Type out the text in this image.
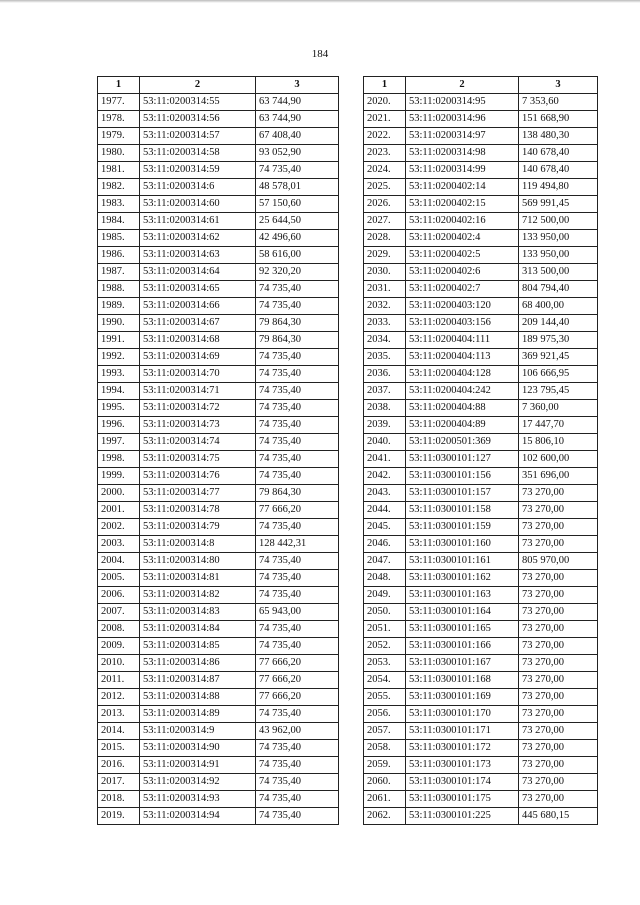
184
1	2	3
1977.	53:11:0200314:55	63 744,90
1978.	53:11:0200314:56	63 744,90
1979.	53:11:0200314:57	67 408,40
1980.	53:11:0200314:58	93 052,90
1981.	53:11:0200314:59	74 735,40
1982.	53:11:0200314:6	48 578,01
1983.	53:11:0200314:60	57 150,60
1984.	53:11:0200314:61	25 644,50
1985.	53:11:0200314:62	42 496,60
1986.	53:11:0200314:63	58 616,00
1987.	53:11:0200314:64	92 320,20
1988.	53:11:0200314:65	74 735,40
1989.	53:11:0200314:66	74 735,40
1990.	53:11:0200314:67	79 864,30
1991.	53:11:0200314:68	79 864,30
1992.	53:11:0200314:69	74 735,40
1993.	53:11:0200314:70	74 735,40
1994.	53:11:0200314:71	74 735,40
1995.	53:11:0200314:72	74 735,40
1996.	53:11:0200314:73	74 735,40
1997.	53:11:0200314:74	74 735,40
1998.	53:11:0200314:75	74 735,40
1999.	53:11:0200314:76	74 735,40
2000.	53:11:0200314:77	79 864,30
2001.	53:11:0200314:78	77 666,20
2002.	53:11:0200314:79	74 735,40
2003.	53:11:0200314:8	128 442,31
2004.	53:11:0200314:80	74 735,40
2005.	53:11:0200314:81	74 735,40
2006.	53:11:0200314:82	74 735,40
2007.	53:11:0200314:83	65 943,00
2008.	53:11:0200314:84	74 735,40
2009.	53:11:0200314:85	74 735,40
2010.	53:11:0200314:86	77 666,20
2011.	53:11:0200314:87	77 666,20
2012.	53:11:0200314:88	77 666,20
2013.	53:11:0200314:89	74 735,40
2014.	53:11:0200314:9	43 962,00
2015.	53:11:0200314:90	74 735,40
2016.	53:11:0200314:91	74 735,40
2017.	53:11:0200314:92	74 735,40
2018.	53:11:0200314:93	74 735,40
2019.	53:11:0200314:94	74 735,40
1	2	3
2020.	53:11:0200314:95	7 353,60
2021.	53:11:0200314:96	151 668,90
2022.	53:11:0200314:97	138 480,30
2023.	53:11:0200314:98	140 678,40
2024.	53:11:0200314:99	140 678,40
2025.	53:11:0200402:14	119 494,80
2026.	53:11:0200402:15	569 991,45
2027.	53:11:0200402:16	712 500,00
2028.	53:11:0200402:4	133 950,00
2029.	53:11:0200402:5	133 950,00
2030.	53:11:0200402:6	313 500,00
2031.	53:11:0200402:7	804 794,40
2032.	53:11:0200403:120	68 400,00
2033.	53:11:0200403:156	209 144,40
2034.	53:11:0200404:111	189 975,30
2035.	53:11:0200404:113	369 921,45
2036.	53:11:0200404:128	106 666,95
2037.	53:11:0200404:242	123 795,45
2038.	53:11:0200404:88	7 360,00
2039.	53:11:0200404:89	17 447,70
2040.	53:11:0200501:369	15 806,10
2041.	53:11:0300101:127	102 600,00
2042.	53:11:0300101:156	351 696,00
2043.	53:11:0300101:157	73 270,00
2044.	53:11:0300101:158	73 270,00
2045.	53:11:0300101:159	73 270,00
2046.	53:11:0300101:160	73 270,00
2047.	53:11:0300101:161	805 970,00
2048.	53:11:0300101:162	73 270,00
2049.	53:11:0300101:163	73 270,00
2050.	53:11:0300101:164	73 270,00
2051.	53:11:0300101:165	73 270,00
2052.	53:11:0300101:166	73 270,00
2053.	53:11:0300101:167	73 270,00
2054.	53:11:0300101:168	73 270,00
2055.	53:11:0300101:169	73 270,00
2056.	53:11:0300101:170	73 270,00
2057.	53:11:0300101:171	73 270,00
2058.	53:11:0300101:172	73 270,00
2059.	53:11:0300101:173	73 270,00
2060.	53:11:0300101:174	73 270,00
2061.	53:11:0300101:175	73 270,00
2062.	53:11:0300101:225	445 680,15
